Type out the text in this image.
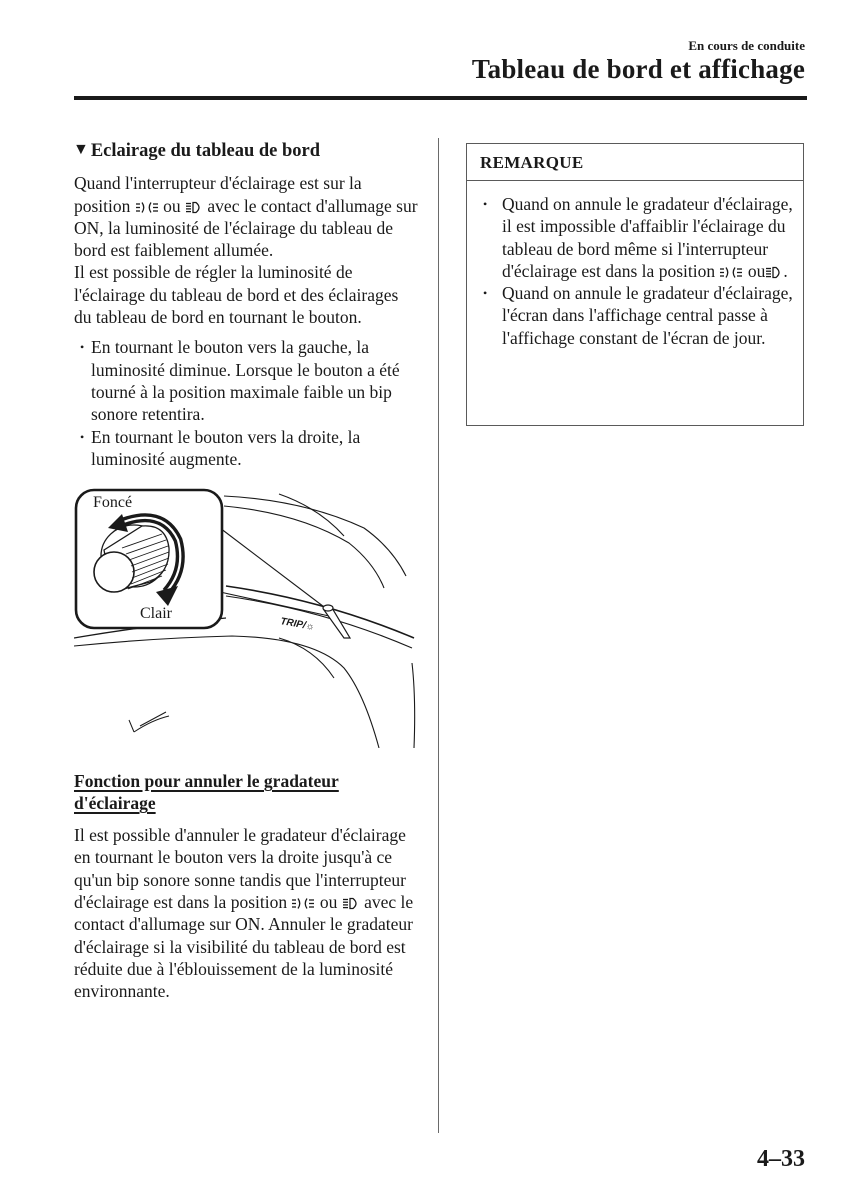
En cours de conduite
Tableau de bord et affichage
▼ Eclairage du tableau de bord

Quand l'interrupteur d'éclairage est sur la position ou avec le contact d'allumage sur ON, la luminosité de l'éclairage du tableau de bord est faiblement allumée.

Il est possible de régler la luminosité de l'éclairage du tableau de bord et des éclairages du tableau de bord en tournant le bouton.

• En tournant le bouton vers la gauche, la luminosité diminue. Lorsque le bouton a été tourné à la position maximale faible un bip sonore retentira.
• En tournant le bouton vers la droite, la luminosité augmente.
Foncé
Clair
TRIP/☼
Fonction pour annuler le gradateur d'éclairage

Il est possible d'annuler le gradateur d'éclairage en tournant le bouton vers la droite jusqu'à ce qu'un bip sonore sonne tandis que l'interrupteur d'éclairage est dans la position ou avec le contact d'allumage sur ON. Annuler le gradateur d'éclairage si la visibilité du tableau de bord est réduite due à l'éblouissement de la luminosité environnante.

REMARQUE
• Quand on annule le gradateur d'éclairage, il est impossible d'affaiblir l'éclairage du tableau de bord même si l'interrupteur d'éclairage est dans la position ou .
• Quand on annule le gradateur d'éclairage, l'écran dans l'affichage central passe à l'affichage constant de l'écran de jour.
4–33
